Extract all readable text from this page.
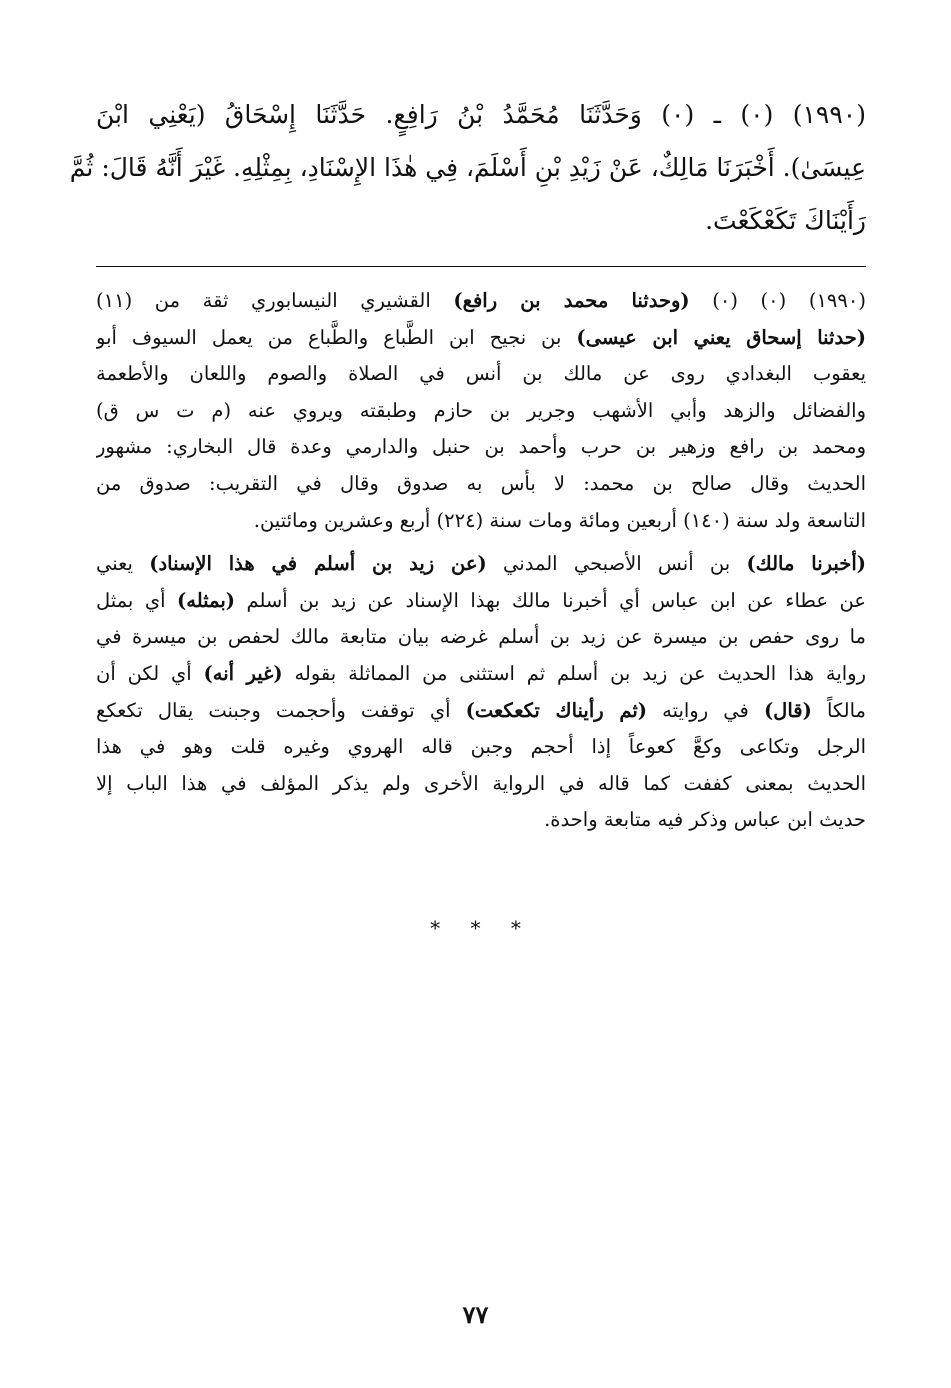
(١٩٩٠) (٠) ـ (٠) وَحَدَّثَنَا مُحَمَّدُ بْنُ رَافِعٍ. حَدَّثَنَا إِسْحَاقُ (يَعْنِي ابْنَ
عِيسَىٰ). أَخْبَرَنَا مَالِكٌ، عَنْ زَيْدِ بْنِ أَسْلَمَ، فِي هٰذَا الإِسْنَادِ، بِمِثْلِهِ. غَيْرَ أَنَّهُ قَالَ: ثُمَّ
رَأَيْنَاكَ تَكَعْكَعْتَ.
(١٩٩٠) (٠) (٠) (وحدثنا محمد بن رافع) القشيري النيسابوري ثقة من (١١)
(حدثنا إسحاق يعني ابن عيسى) بن نجيح ابن الطَّباع والطَّباع من يعمل السيوف أبو
يعقوب البغدادي روى عن مالك بن أنس في الصلاة والصوم واللعان والأطعمة
والفضائل والزهد وأبي الأشهب وجرير بن حازم وطبقته ويروي عنه (م ت س ق)
ومحمد بن رافع وزهير بن حرب وأحمد بن حنبل والدارمي وعدة قال البخاري: مشهور
الحديث وقال صالح بن محمد: لا بأس به صدوق وقال في التقريب: صدوق من
التاسعة ولد سنة (١٤٠) أربعين ومائة ومات سنة (٢٢٤) أربع وعشرين ومائتين.
(أخبرنا مالك) بن أنس الأصبحي المدني (عن زيد بن أسلم في هذا الإسناد) يعني
عن عطاء عن ابن عباس أي أخبرنا مالك بهذا الإسناد عن زيد بن أسلم (بمثله) أي بمثل
ما روى حفص بن ميسرة عن زيد بن أسلم غرضه بيان متابعة مالك لحفص بن ميسرة في
رواية هذا الحديث عن زيد بن أسلم ثم استثنى من المماثلة بقوله (غير أنه) أي لكن أن
مالكاً (قال) في روايته (ثم رأيناك تكعكعت) أي توقفت وأحجمت وجبنت يقال تكعكع
الرجل وتكاعى وكعَّ كعوعاً إذا أحجم وجبن قاله الهروي وغيره قلت وهو في هذا
الحديث بمعنى كففت كما قاله في الرواية الأخرى ولم يذكر المؤلف في هذا الباب إلا
حديث ابن عباس وذكر فيه متابعة واحدة.
* * *
٧٧
